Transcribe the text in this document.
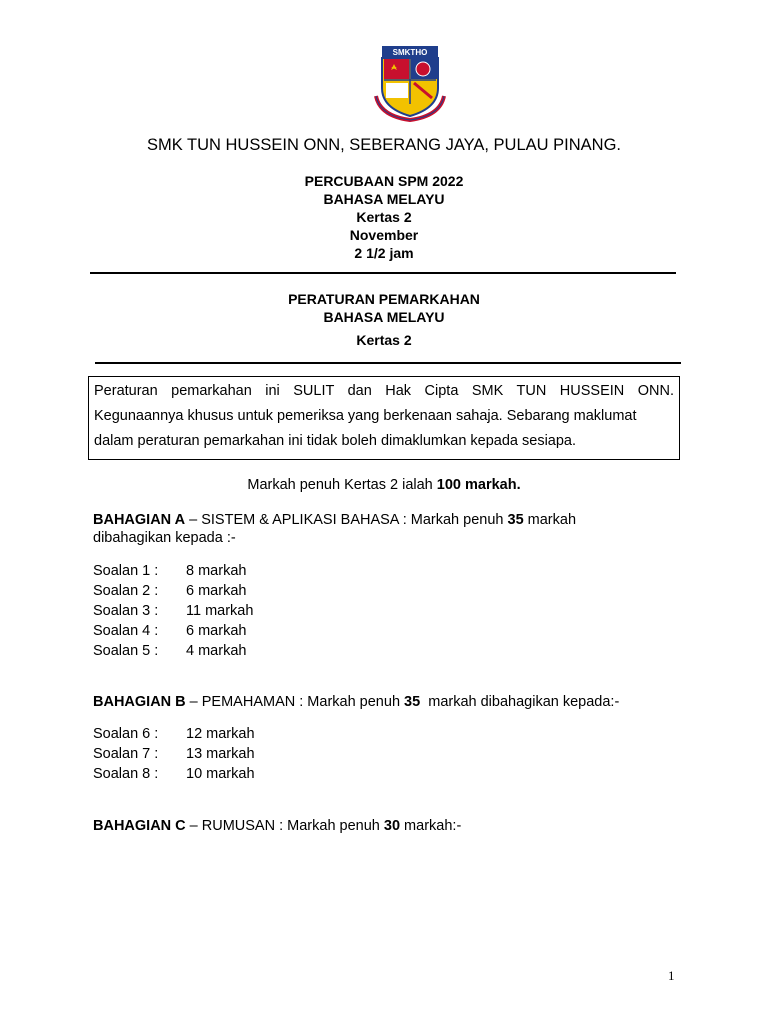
SMKTHO
SMK TUN HUSSEIN ONN, SEBERANG JAYA, PULAU PINANG.
PERCUBAAN SPM 2022
BAHASA MELAYU
Kertas 2
November
2 1/2 jam
PERATURAN PEMARKAHAN
BAHASA MELAYU
Kertas 2
Peraturan pemarkahan ini SULIT dan Hak Cipta SMK TUN HUSSEIN ONN.
Kegunaannya khusus untuk pemeriksa yang berkenaan sahaja. Sebarang maklumat
dalam peraturan pemarkahan ini tidak boleh dimaklumkan kepada sesiapa.
Markah penuh Kertas 2 ialah 100 markah.
BAHAGIAN A – SISTEM & APLIKASI BAHASA : Markah penuh 35 markah
dibahagikan kepada :-
Soalan 1 : 8 markah
Soalan 2 : 6 markah
Soalan 3 : 11 markah
Soalan 4 : 6 markah
Soalan 5 : 4 markah
BAHAGIAN B – PEMAHAMAN : Markah penuh 35  markah dibahagikan kepada:-
Soalan 6 : 12 markah
Soalan 7 : 13 markah
Soalan 8 : 10 markah
BAHAGIAN C – RUMUSAN : Markah penuh 30 markah:-
1
